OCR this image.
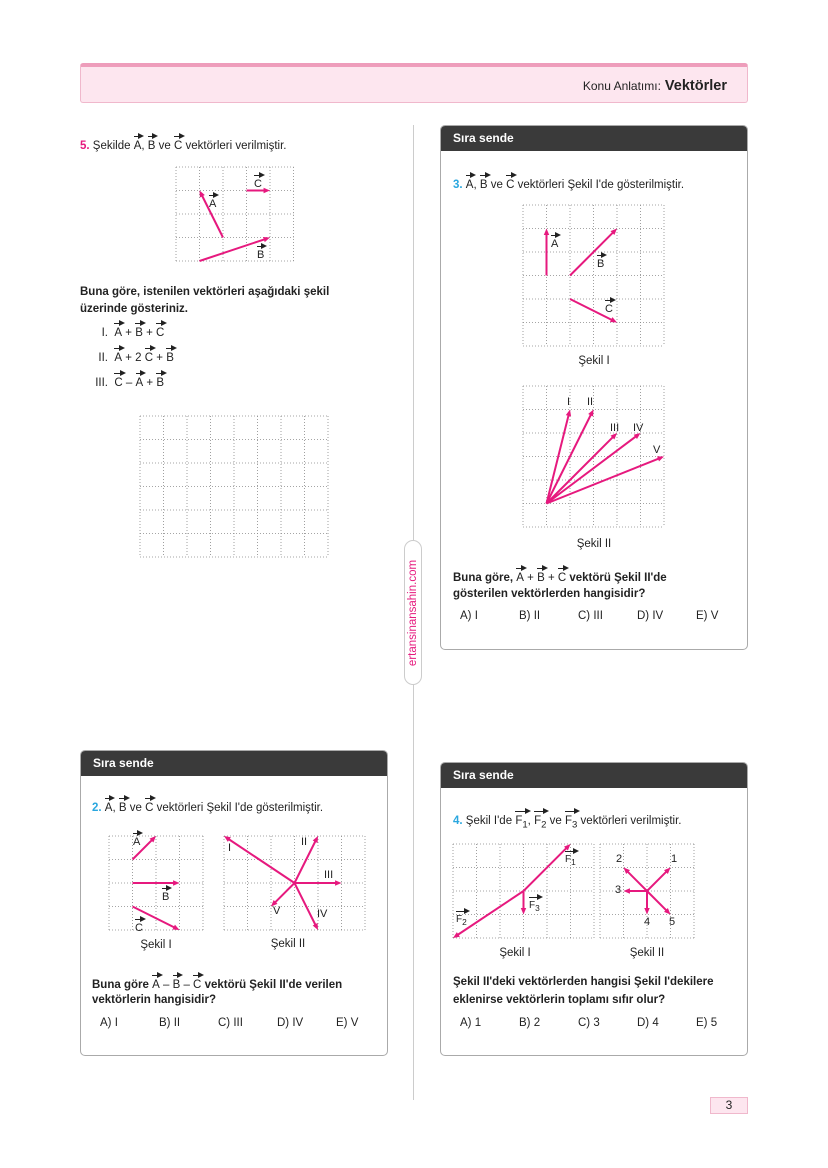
Konu Anlatımı: Vektörler
ertansinansahin.com
5. Şekilde A, B ve C vektörleri verilmiştir.
A
C
B
Buna göre, istenilen vektörleri aşağıdaki şekil
üzerinde gösteriniz.
I. A + B + C
II. A + 2 C + B
III. C – A + B
Sıra sende
3. A, B ve C vektörleri Şekil I'de gösterilmiştir.
A
B
C
Şekil I
I II
III IV
V
Şekil II
Buna göre, A + B + C vektörü Şekil II'de
gösterilen vektörlerden hangisidir?
A) I	B) II	C) III	D) IV	E) V
Sıra sende
2. A, B ve C vektörleri Şekil I'de gösterilmiştir.
A
B
C
Şekil I
I	II
III
IV
V
Şekil II
Buna göre A – B – C vektörü Şekil II'de verilen
vektörlerin hangisidir?
A) I	B) II	C) III	D) IV	E) V
Sıra sende
4. Şekil I'de $F_1$, $F_2$ ve $F_3$ vektörleri verilmiştir.
$F_1$
$F_2$
$F_3$
Şekil I
1
2
3
4 5
Şekil II
Şekil II'deki vektörlerden hangisi Şekil I'dekilere
eklenirse vektörlerin toplamı sıfır olur?
A) 1	B) 2	C) 3	D) 4	E) 5
3
